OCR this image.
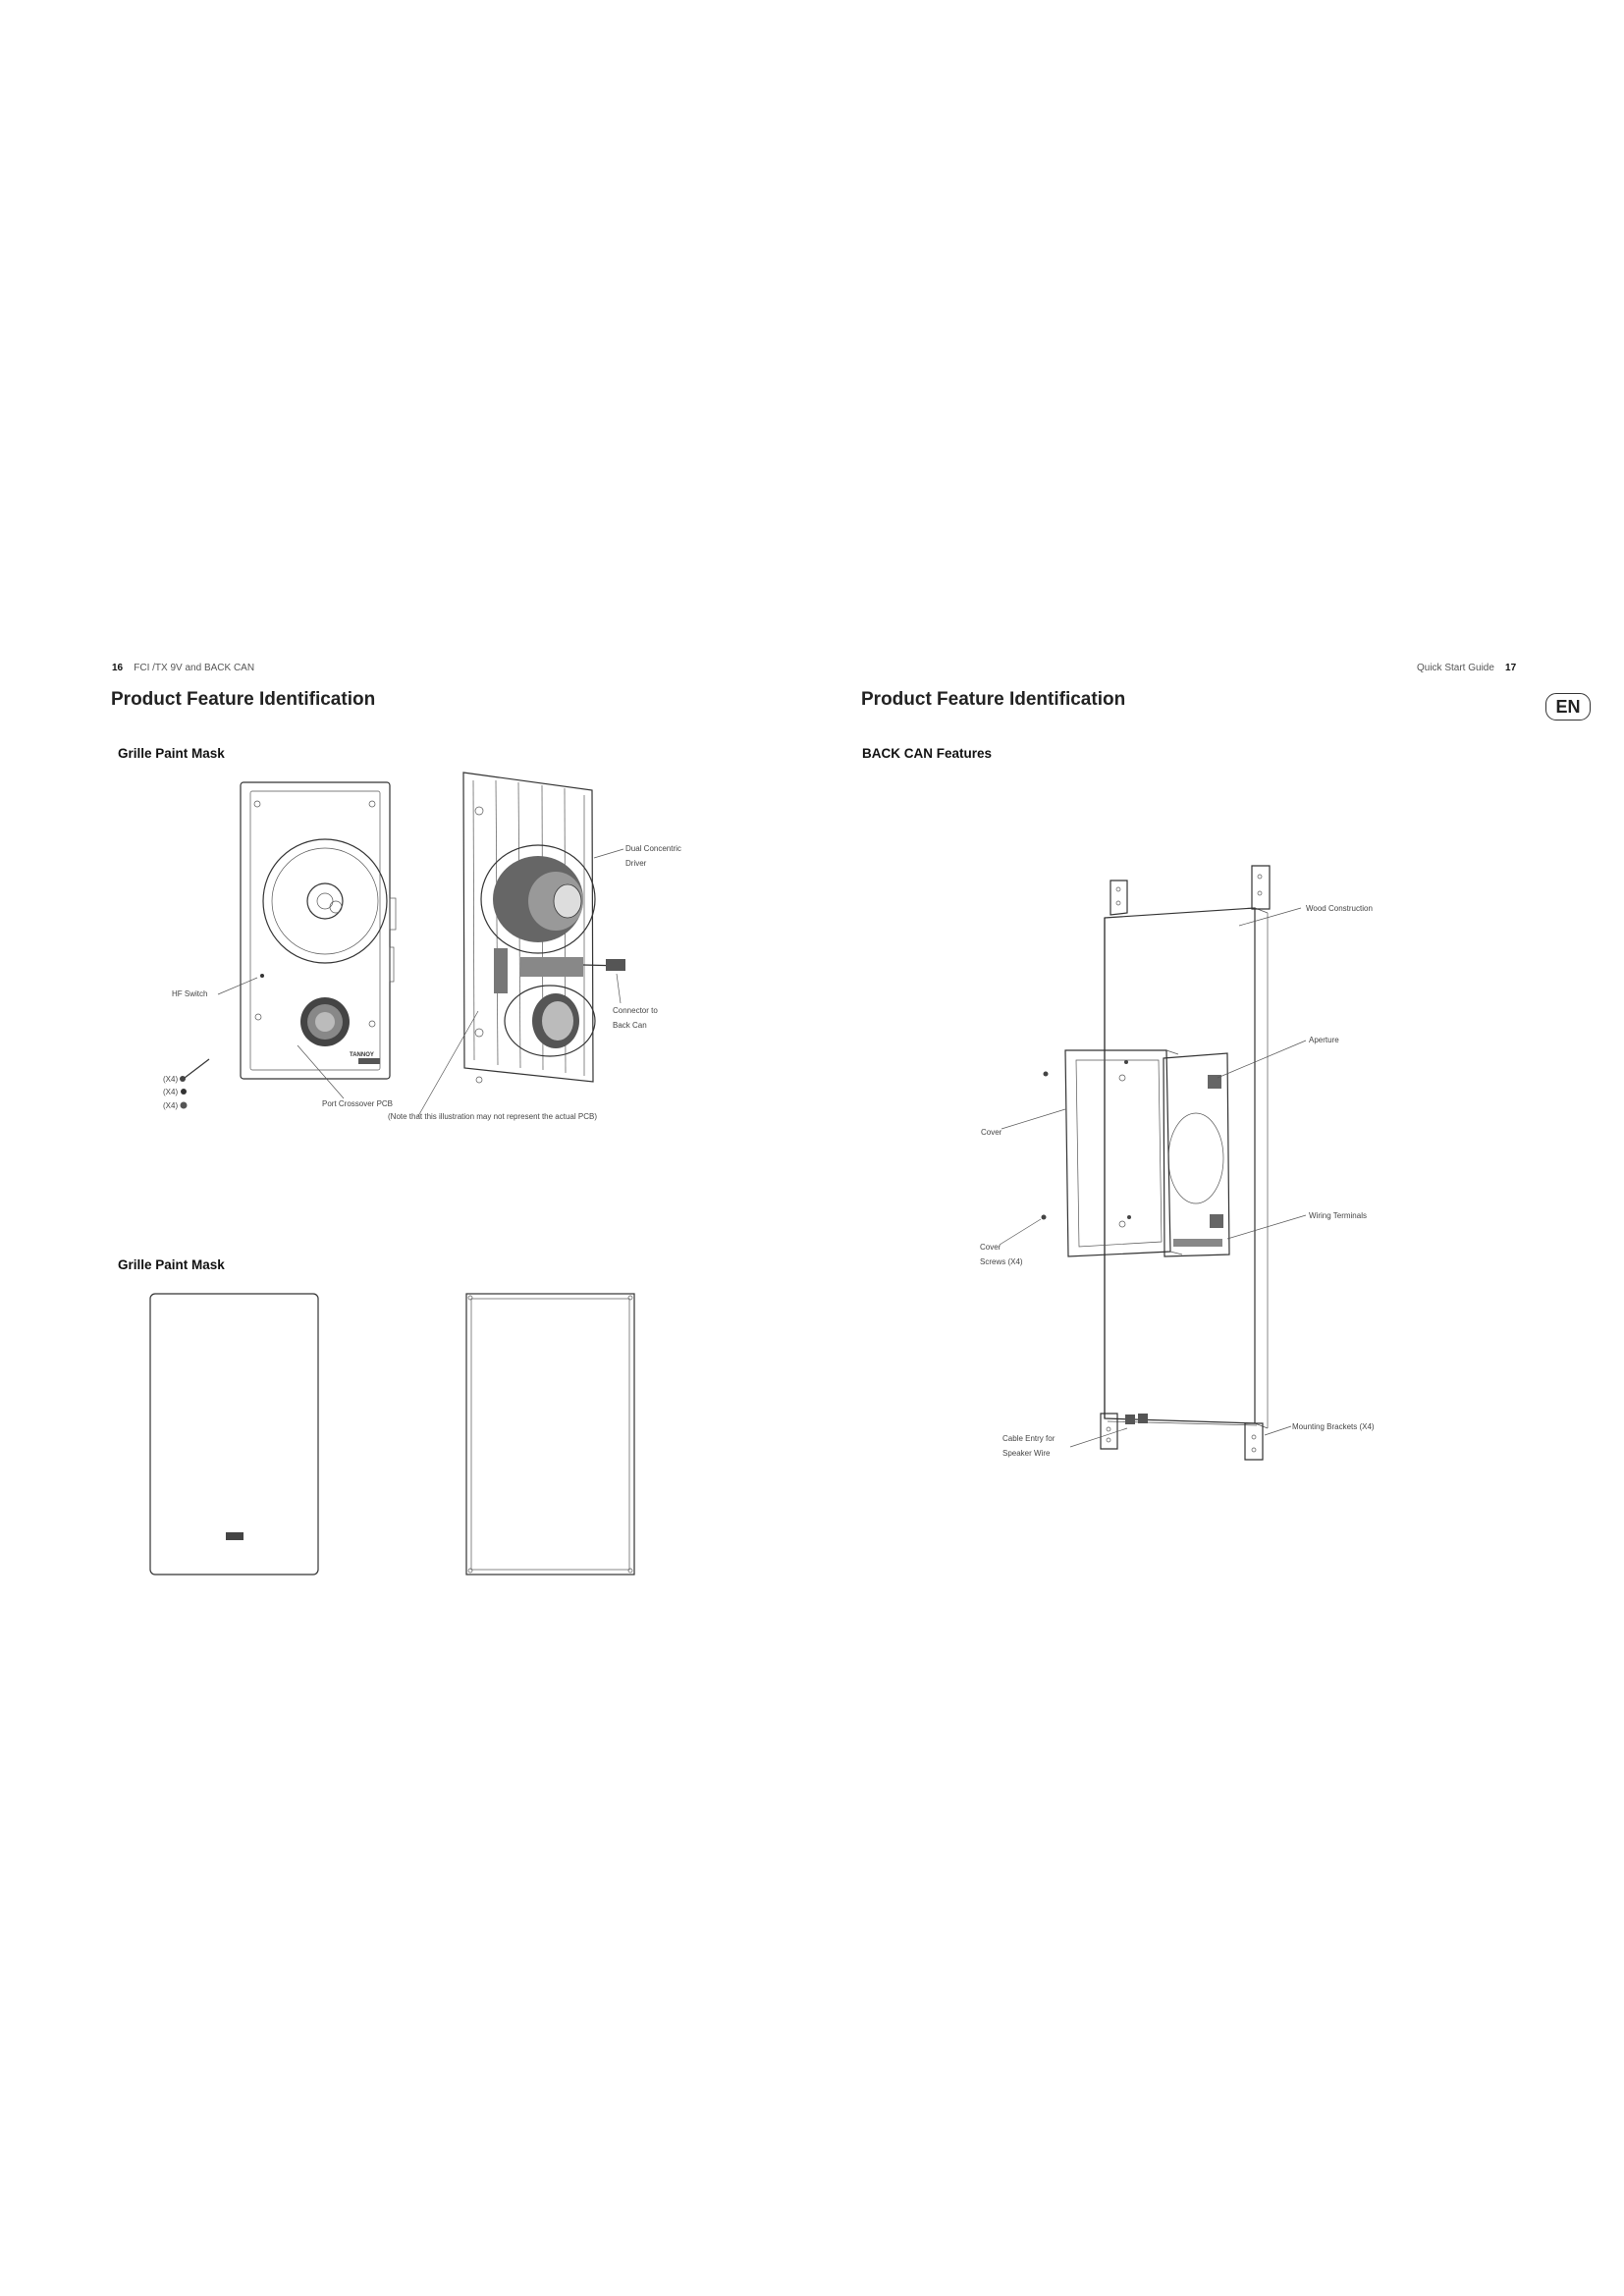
16 FCI /TX 9V and BACK CAN
Product Feature Identification
Grille Paint Mask
HF Switch
Dual Concentric
Driver
Connector to
Back Can
Port Crossover PCB
(Note that this illustration may not represent the actual PCB)
(X4)
(X4)
(X4)
TANNOY
Grille Paint Mask
Quick Start Guide 17
EN
Product Feature Identification
BACK CAN Features
Wood Construction
Aperture
Cover
Wiring Terminals
Cover
Screws (X4)
Mounting Brackets (X4)
Cable Entry for
Speaker Wire
